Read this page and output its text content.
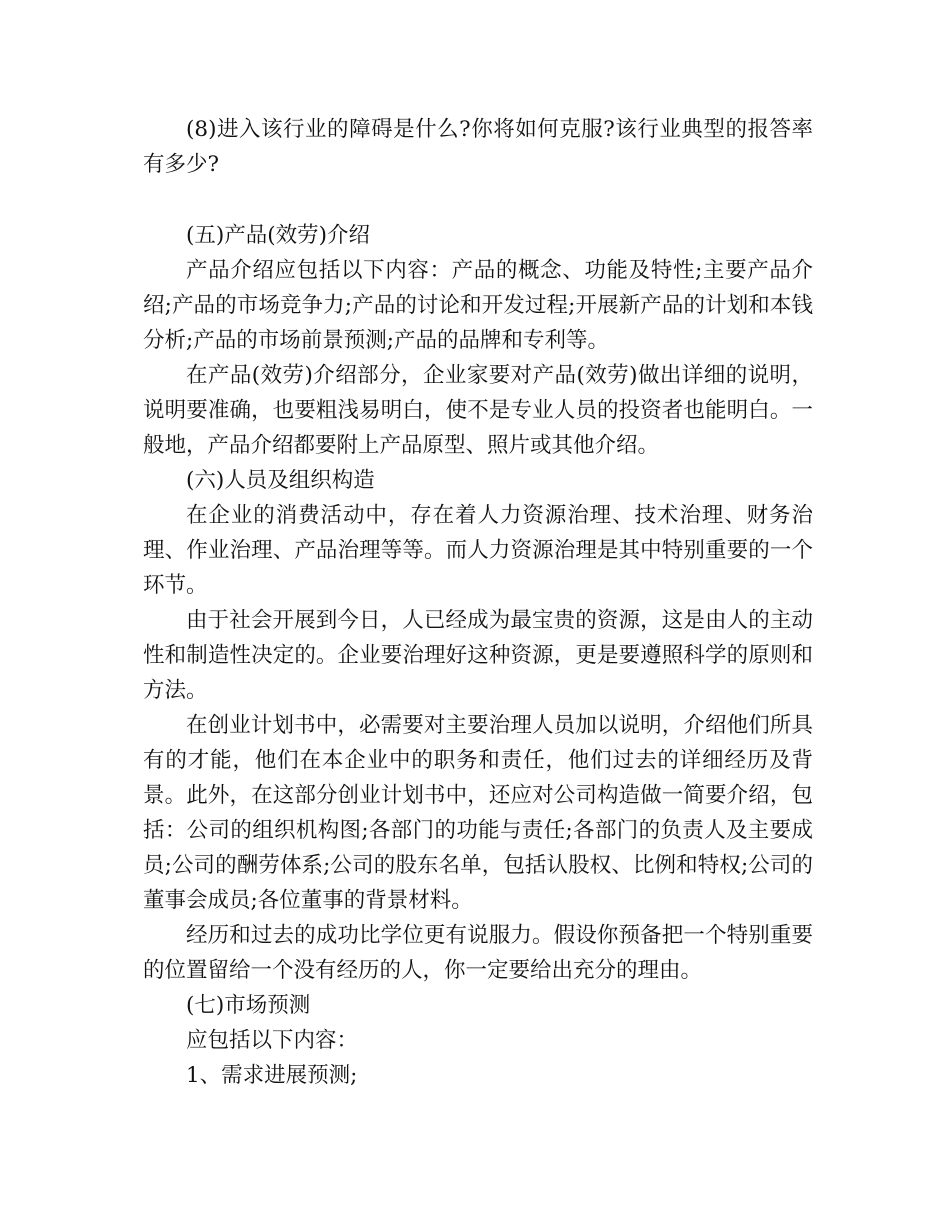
(8)进入该行业的障碍是什么?你将如何克服?该行业典型的报答率有多少?

(五)产品(效劳)介绍

产品介绍应包括以下内容：产品的概念、功能及特性;主要产品介绍;产品的市场竞争力;产品的讨论和开发过程;开展新产品的计划和本钱分析;产品的市场前景预测;产品的品牌和专利等。

在产品(效劳)介绍部分，企业家要对产品(效劳)做出详细的说明，说明要准确，也要粗浅易明白，使不是专业人员的投资者也能明白。一般地，产品介绍都要附上产品原型、照片或其他介绍。

(六)人员及组织构造

在企业的消费活动中，存在着人力资源治理、技术治理、财务治理、作业治理、产品治理等等。而人力资源治理是其中特别重要的一个环节。

由于社会开展到今日，人已经成为最宝贵的资源，这是由人的主动性和制造性决定的。企业要治理好这种资源，更是要遵照科学的原则和方法。

在创业计划书中，必需要对主要治理人员加以说明，介绍他们所具有的才能，他们在本企业中的职务和责任，他们过去的详细经历及背景。此外，在这部分创业计划书中，还应对公司构造做一简要介绍，包括：公司的组织机构图;各部门的功能与责任;各部门的负责人及主要成员;公司的酬劳体系;公司的股东名单，包括认股权、比例和特权;公司的董事会成员;各位董事的背景材料。

经历和过去的成功比学位更有说服力。假设你预备把一个特别重要的位置留给一个没有经历的人，你一定要给出充分的理由。

(七)市场预测

应包括以下内容：

1、需求进展预测;
